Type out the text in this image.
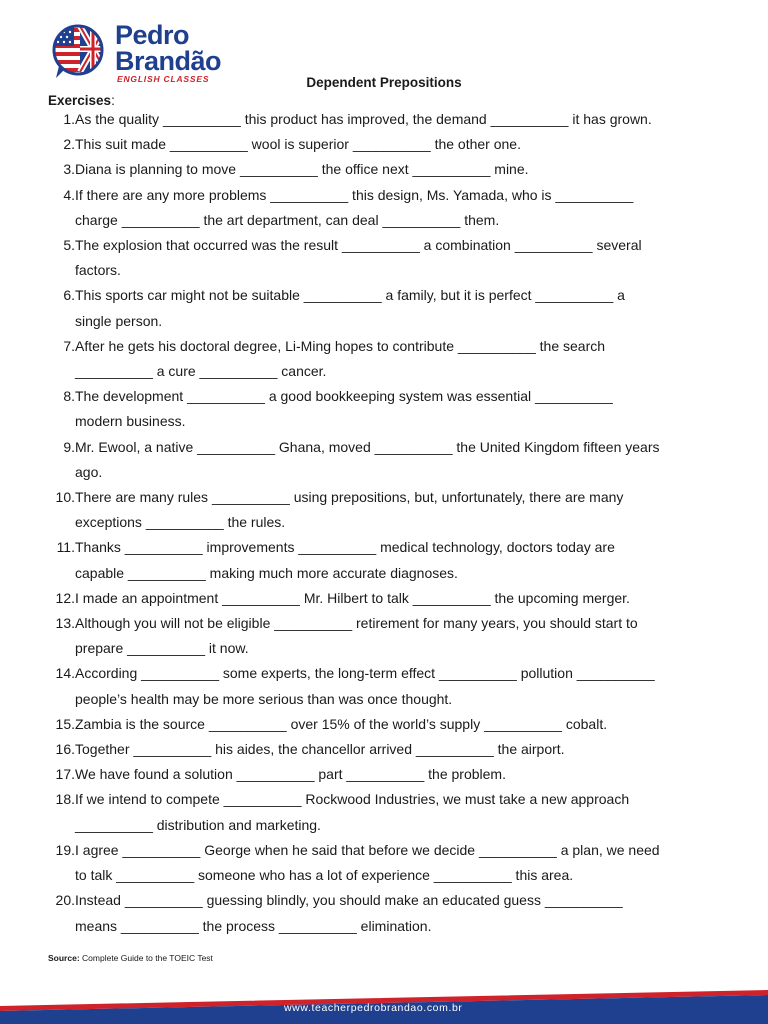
Pedro
Brandão
ENGLISH CLASSES	Dependent Prepositions
Exercises:
1. As the quality __________ this product has improved, the demand __________ it has grown.
2. This suit made __________ wool is superior __________ the other one.
3. Diana is planning to move __________ the office next __________ mine.
4. If there are any more problems __________ this design, Ms. Yamada, who is __________
charge __________ the art department, can deal __________ them.
5. The explosion that occurred was the result __________ a combination __________ several
factors.
6. This sports car might not be suitable __________ a family, but it is perfect __________ a
single person.
7. After he gets his doctoral degree, Li-Ming hopes to contribute __________ the search
__________ a cure __________ cancer.
8. The development __________ a good bookkeeping system was essential __________
modern business.
9. Mr. Ewool, a native __________ Ghana, moved __________ the United Kingdom fifteen years
ago.
10. There are many rules __________ using prepositions, but, unfortunately, there are many
exceptions __________ the rules.
11. Thanks __________ improvements __________ medical technology, doctors today are
capable __________ making much more accurate diagnoses.
12. I made an appointment __________ Mr. Hilbert to talk __________ the upcoming merger.
13. Although you will not be eligible __________ retirement for many years, you should start to
prepare __________ it now.
14. According __________ some experts, the long-term effect __________ pollution __________
people’s health may be more serious than was once thought.
15. Zambia is the source __________ over 15% of the world’s supply __________ cobalt.
16. Together __________ his aides, the chancellor arrived __________ the airport.
17. We have found a solution __________ part __________ the problem.
18. If we intend to compete __________ Rockwood Industries, we must take a new approach
__________ distribution and marketing.
19. I agree __________ George when he said that before we decide __________ a plan, we need
to talk __________ someone who has a lot of experience __________ this area.
20. Instead __________ guessing blindly, you should make an educated guess __________
means __________ the process __________ elimination.
Source: Complete Guide to the TOEIC Test
www.teacherpedrobrandao.com.br
